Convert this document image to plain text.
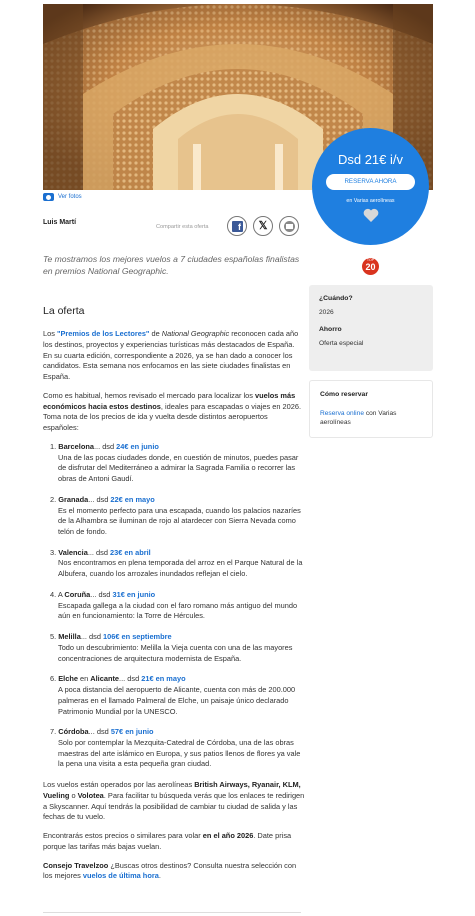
Ver fotos
Dsd 21€ i/v
RESERVA AHORA
en Varias aerolíneas
Luis Martí
Compartir esta oferta	f 𝕏
Te mostramos los mejores vuelos a 7 ciudades españolas finalistas en premios National Geographic.
TOP
20
¿Cuándo?
2026
Ahorro
Oferta especial
Cómo reservar
Reserva online con Varias aerolíneas
La oferta

Los "Premios de los Lectores" de National Geographic reconocen cada año los destinos, proyectos y experiencias turísticas más destacados de España. En su cuarta edición, correspondiente a 2026, ya se han dado a conocer los candidatos. Esta semana nos enfocamos en las siete ciudades finalistas en España.

Como es habitual, hemos revisado el mercado para localizar los vuelos más económicos hacia estos destinos, ideales para escapadas o viajes en 2026. Toma nota de los precios de ida y vuelta desde distintos aeropuertos españoles:

1. Barcelona... dsd 24€ en junio
Una de las pocas ciudades donde, en cuestión de minutos, puedes pasar de disfrutar del Mediterráneo a admirar la Sagrada Familia o recorrer las obras de Antoni Gaudí.
2. Granada... dsd 22€ en mayo
Es el momento perfecto para una escapada, cuando los palacios nazaríes de la Alhambra se iluminan de rojo al atardecer con Sierra Nevada como telón de fondo.
3. Valencia... dsd 23€ en abril
Nos encontramos en plena temporada del arroz en el Parque Natural de la Albufera, cuando los arrozales inundados reflejan el cielo.
4. A Coruña... dsd 31€ en junio
Escapada gallega a la ciudad con el faro romano más antiguo del mundo aún en funcionamiento: la Torre de Hércules.
5. Melilla... dsd 106€ en septiembre
Todo un descubrimiento: Melilla la Vieja cuenta con una de las mayores concentraciones de arquitectura modernista de España.
6. Elche en Alicante... dsd 21€ en mayo
A poca distancia del aeropuerto de Alicante, cuenta con más de 200.000 palmeras en el llamado Palmeral de Elche, un paisaje único declarado Patrimonio Mundial por la UNESCO.
7. Córdoba... dsd 57€ en junio
Solo por contemplar la Mezquita-Catedral de Córdoba, una de las obras maestras del arte islámico en Europa, y sus patios llenos de flores ya vale la pena una visita a esta pequeña gran ciudad.

Los vuelos están operados por las aerolíneas British Airways, Ryanair, KLM, Vueling o Volotea. Para facilitar tu búsqueda verás que los enlaces te redirigen a Skyscanner. Aquí tendrás la posibilidad de cambiar tu ciudad de salida y las fechas de tu vuelo.

Encontrarás estos precios o similares para volar en el año 2026. Date prisa porque las tarifas más bajas vuelan.

Consejo Travelzoo ¿Buscas otros destinos? Consulta nuestra selección con los mejores vuelos de última hora.
